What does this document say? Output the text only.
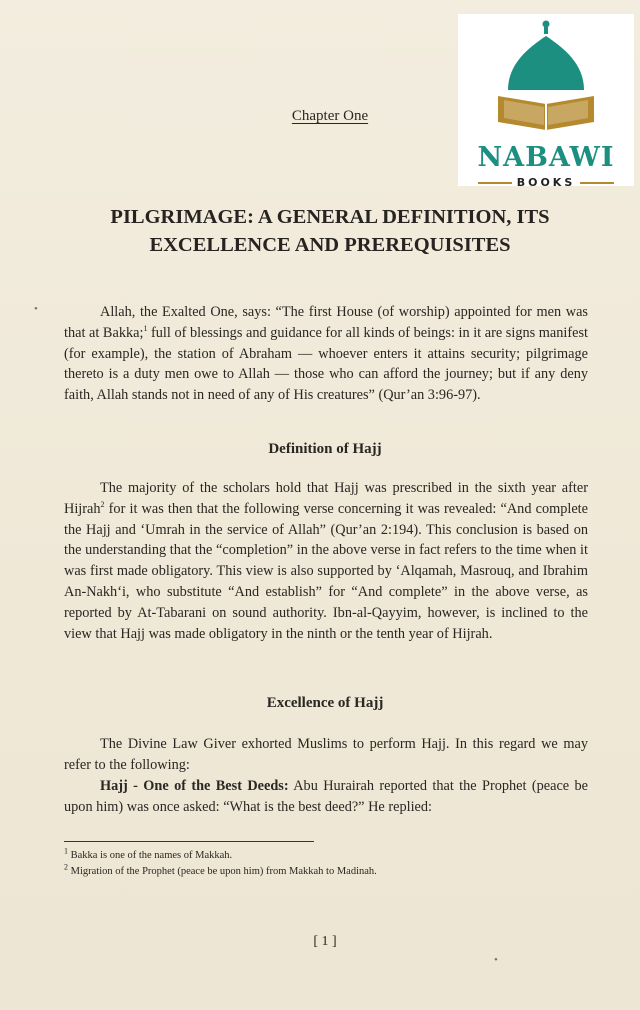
NABAWI
BOOKS
Chapter One
PILGRIMAGE: A GENERAL DEFINITION, ITS
EXCELLENCE AND PREREQUISITES
•	Allah, the Exalted One, says: “The first House (of worship) appointed for men was that at Bakka;$^1$ full of blessings and guidance for all kinds of beings: in it are signs manifest (for example), the station of Abraham — whoever enters it attains security; pilgrimage thereto is a duty men owe to Allah — those who can afford the journey; but if any deny faith, Allah stands not in need of any of His creatures” (Qur’an 3:96-97).

Definition of Hajj

The majority of the scholars hold that Hajj was prescribed in the sixth year after Hijrah$^2$ for it was then that the following verse concerning it was revealed: “And complete the Hajj and ‘Umrah in the service of Allah” (Qur’an 2:194). This conclusion is based on the understanding that the “completion” in the above verse in fact refers to the time when it was first made obligatory. This view is also supported by ‘Alqamah, Masrouq, and Ibrahim An-Nakh‘i, who substitute “And establish” for “And complete” in the above verse, as reported by At-Tabarani on sound authority. Ibn-al-Qayyim, however, is inclined to the view that Hajj was made obligatory in the ninth or the tenth year of Hijrah.

Excellence of Hajj

The Divine Law Giver exhorted Muslims to perform Hajj. In this regard we may refer to the following:

Hajj - One of the Best Deeds: Abu Hurairah reported that the Prophet (peace be upon him) was once asked: “What is the best deed?” He replied:

$^1$ Bakka is one of the names of Makkah.
$^2$ Migration of the Prophet (peace be upon him) from Makkah to Madinah.
[ 1 ]
•
